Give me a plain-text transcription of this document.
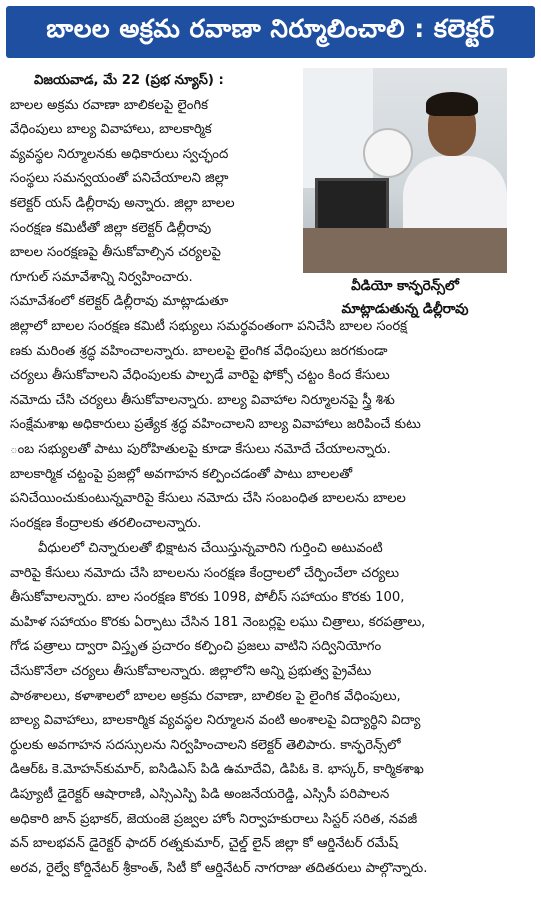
బాలల అక్రమ రవాణా నిర్మూలించాలి : కలెక్టర్
వీడియో కాన్ఫరెన్స్‌లో
మాట్లాడుతున్న డిల్లీరావు
విజయవాడ, మే 22 (ప్రభ న్యూస్) :
బాలల అక్రమ రవాణా బాలికలపై లైంగిక
వేధింపులు బాల్య వివాహాలు, బాలకార్మిక
వ్యవస్థల నిర్మూలనకు అధికారులు స్వచ్ఛంద
సంస్థలు సమన్వయంతో పనిచేయాలని జిల్లా
కలెక్టర్ యస్ డిల్లీరావు అన్నారు. జిల్లా బాలల
సంరక్షణ కమిటీతో జిల్లా కలెక్టర్ డిల్లీరావు
బాలల సంరక్షణపై తీసుకోవాల్సిన చర్యలపై
గూగుల్ సమావేశాన్ని నిర్వహించారు.
సమావేశంలో కలెక్టర్ డిల్లీరావు మాట్లాడుతూ
జిల్లాలో బాలల సంరక్షణ కమిటీ సభ్యులు సమర్థవంతంగా పనిచేసి బాలల సంరక్ష
ణకు మరింత శ్రద్ధ వహించాలన్నారు. బాలలపై లైంగిక వేధింపులు జరగకుండా
చర్యలు తీసుకోవాలని వేధింపులకు పాల్పడే వారిపై ఫోక్సో చట్టం కింద కేసులు
నమోదు చేసి చర్యలు తీసుకోవాలన్నారు. బాల్య వివాహాల నిర్మూలనపై స్త్రీ శిశు
సంక్షేమశాఖ అధికారులు ప్రత్యేక శ్రద్ధ వహించాలని బాల్య వివాహాలు జరిపించే కుటు
ంబ సభ్యులతో పాటు పురోహితులపై కూడా కేసులు నమోదే చేయాలన్నారు.
బాలకార్మిక చట్టంపై ప్రజల్లో అవగాహన కల్పించడంతో పాటు బాలలతో
పనిచేయించుకుంటున్నవారిపై కేసులు నమోదు చేసి సంబంధిత బాలలను బాలల
సంరక్షణ కేంద్రాలకు తరలించాలన్నారు.
వీధులలో చిన్నారులతో భిక్షాటన చేయిస్తున్నవారిని గుర్తించి అటువంటి
వారిపై కేసులు నమోదు చేసి బాలలను సంరక్షణ కేంద్రాలలో చేర్పించేలా చర్యలు
తీసుకోవాలన్నారు. బాల సంరక్షణ కొరకు 1098, పోలీస్ సహాయం కొరకు 100,
మహిళ సహాయం కొరకు ఏర్పాటు చేసిన 181 నెంబర్లపై లఘు చిత్రాలు, కరపత్రాలు,
గోడ పత్రాలు ద్వారా విస్తృత ప్రచారం కల్పించి ప్రజలు వాటిని సద్వినియోగం
చేసుకొనేలా చర్యలు తీసుకోవాలన్నారు. జిల్లాలోని అన్ని ప్రభుత్వ ప్రైవేటు
పాఠశాలలు, కళాశాలలో బాలల అక్రమ రవాణా, బాలికల పై లైంగిక వేధింపులు,
బాల్య వివాహాలు, బాలకార్మిక వ్యవస్థల నిర్మూలన వంటి అంశాలపై విద్యార్థిని విద్యా
ర్థులకు అవగాహన సదస్సులను నిర్వహించాలని కలెక్టర్ తెలిపారు. కాన్ఫరెన్స్‌లో
డిఆర్‌ఓ కె.మోహన్‌కుమార్, ఐసిడిఎస్ పిడి ఉమాదేవి, డిపిఓ కె. భాస్కర్, కార్మికశాఖ
డిప్యూటీ డైరెక్టర్ ఆషారాణి, ఎస్సిఎస్పి పిడి అంజనేయరెడ్డి, ఎస్సిసీ పరిపాలన
అధికారి జాన్ ప్రభాకర్, జెయంజె ప్రజ్వల హోం నిర్వాహకురాలు సిస్టర్ సరిత, నవజీ
వన్ బాలభవన్ డైరెక్టర్ ఫాదర్ రత్నకుమార్, చైల్డ్ లైన్ జిల్లా కో ఆర్డినేటర్ రమేష్
అరవ, రైల్వే కోర్డినేటర్ శ్రీకాంత్, సిటీ కో ఆర్డినేటర్ నాగరాజు తదితరులు పాల్గొన్నారు.
